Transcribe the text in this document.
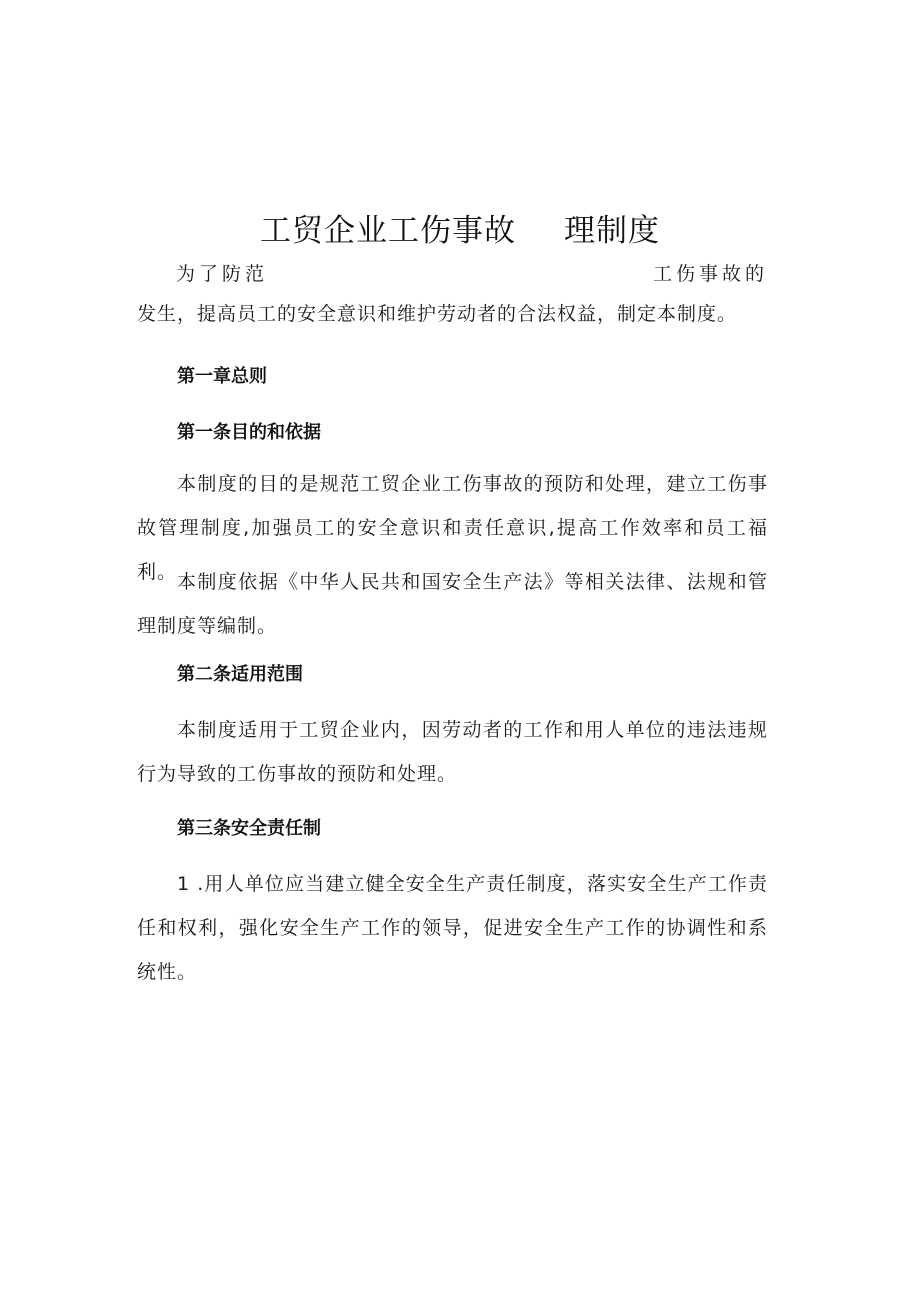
工贸企业工伤事故 理制度
为了防范	工伤事故的
发生，提高员工的安全意识和维护劳动者的合法权益，制定本制度。
第一章总则
第一条目的和依据
本制度的目的是规范工贸企业工伤事故的预防和处理，建立工伤事故管理制度,加强员工的安全意识和责任意识,提高工作效率和员工福利。 本制度依据《中华人民共和国安全生产法》等相关法律、法规和管理制度等编制。
第二条适用范围
本制度适用于工贸企业内，因劳动者的工作和用人单位的违法违规行为导致的工伤事故的预防和处理。
第三条安全责任制
1 .用人单位应当建立健全安全生产责任制度，落实安全生产工作责任和权利，强化安全生产工作的领导，促进安全生产工作的协调性和系统性。
